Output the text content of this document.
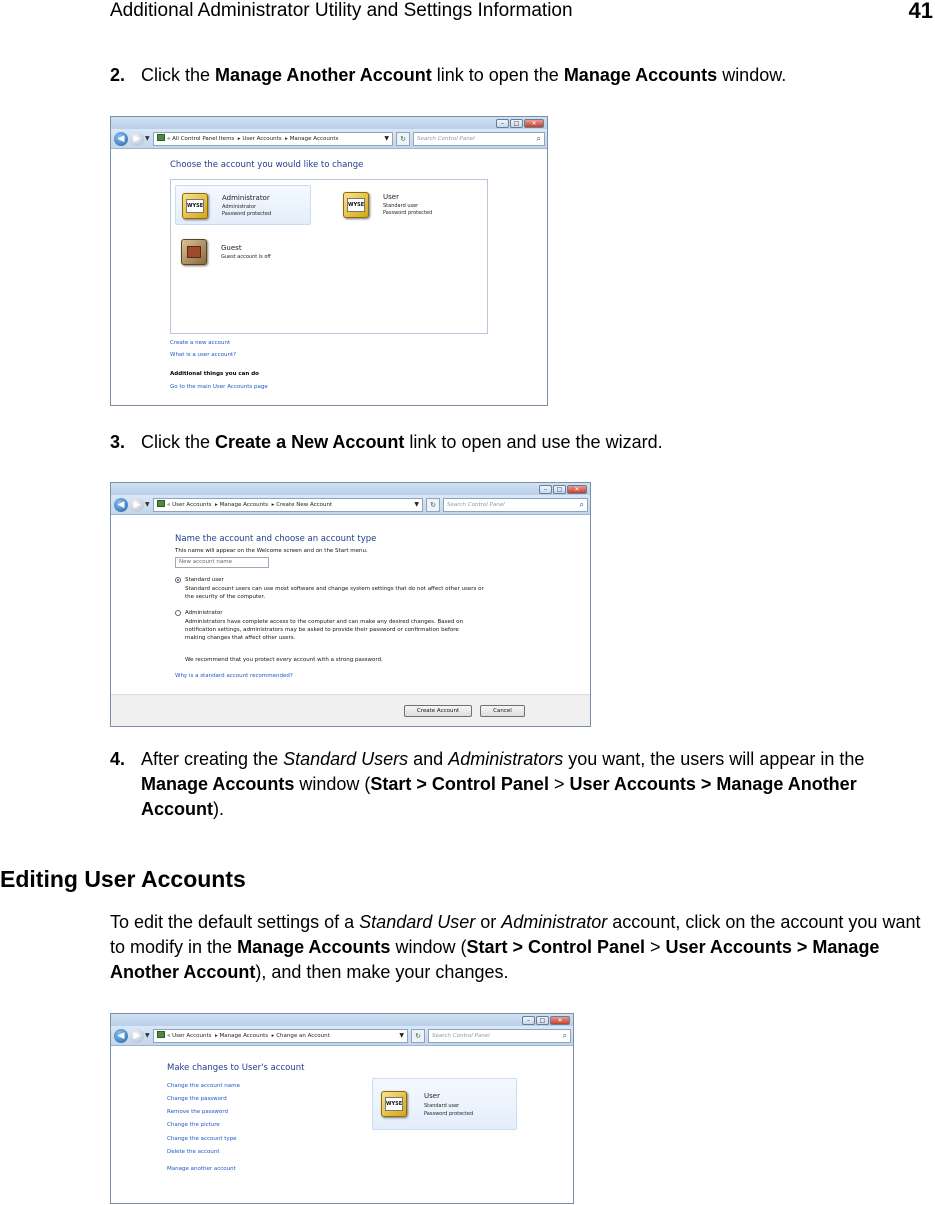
Additional Administrator Utility and Settings Information	41
2. Click the Manage Another Account link to open the Manage Accounts window.
–	□	✕
◀	▶ ▼	« All Control Panel Items  ▸ User Accounts  ▸ Manage Accounts	▼	↻	Search Control Panel	⌕
Choose the account you would like to change
WYSE
Administrator
Administrator
Password protected
WYSE
User
Standard user
Password protected
Guest
Guest account is off
Create a new account
What is a user account?
Additional things you can do
Go to the main User Accounts page
3. Click the Create a New Account link to open and use the wizard.
–	□	✕
◀	▶ ▼	« User Accounts  ▸ Manage Accounts  ▸ Create New Account	▼	↻	Search Control Panel	⌕
Name the account and choose an account type
This name will appear on the Welcome screen and on the Start menu.
New account name
Standard user
Standard account users can use most software and change system settings that do not affect other users or
the security of the computer.
Administrator
Administrators have complete access to the computer and can make any desired changes. Based on
notification settings, administrators may be asked to provide their password or confirmation before
making changes that affect other users.
We recommend that you protect every account with a strong password.
Why is a standard account recommended?
Create Account	Cancel
4. After creating the Standard Users and Administrators you want, the users will appear in the Manage Accounts window (Start > Control Panel > User Accounts > Manage Another Account).
Editing User Accounts
To edit the default settings of a Standard User or Administrator account, click on the account you want to modify in the Manage Accounts window (Start > Control Panel > User Accounts > Manage Another Account), and then make your changes.
–	□	✕
◀	▶ ▼	« User Accounts  ▸ Manage Accounts  ▸ Change an Account	▼	↻	Search Control Panel	⌕
Make changes to User's account
Change the account name
Change the password
Remove the password
Change the picture
Change the account type
Delete the account
Manage another account
WYSE
User
Standard user
Password protected
